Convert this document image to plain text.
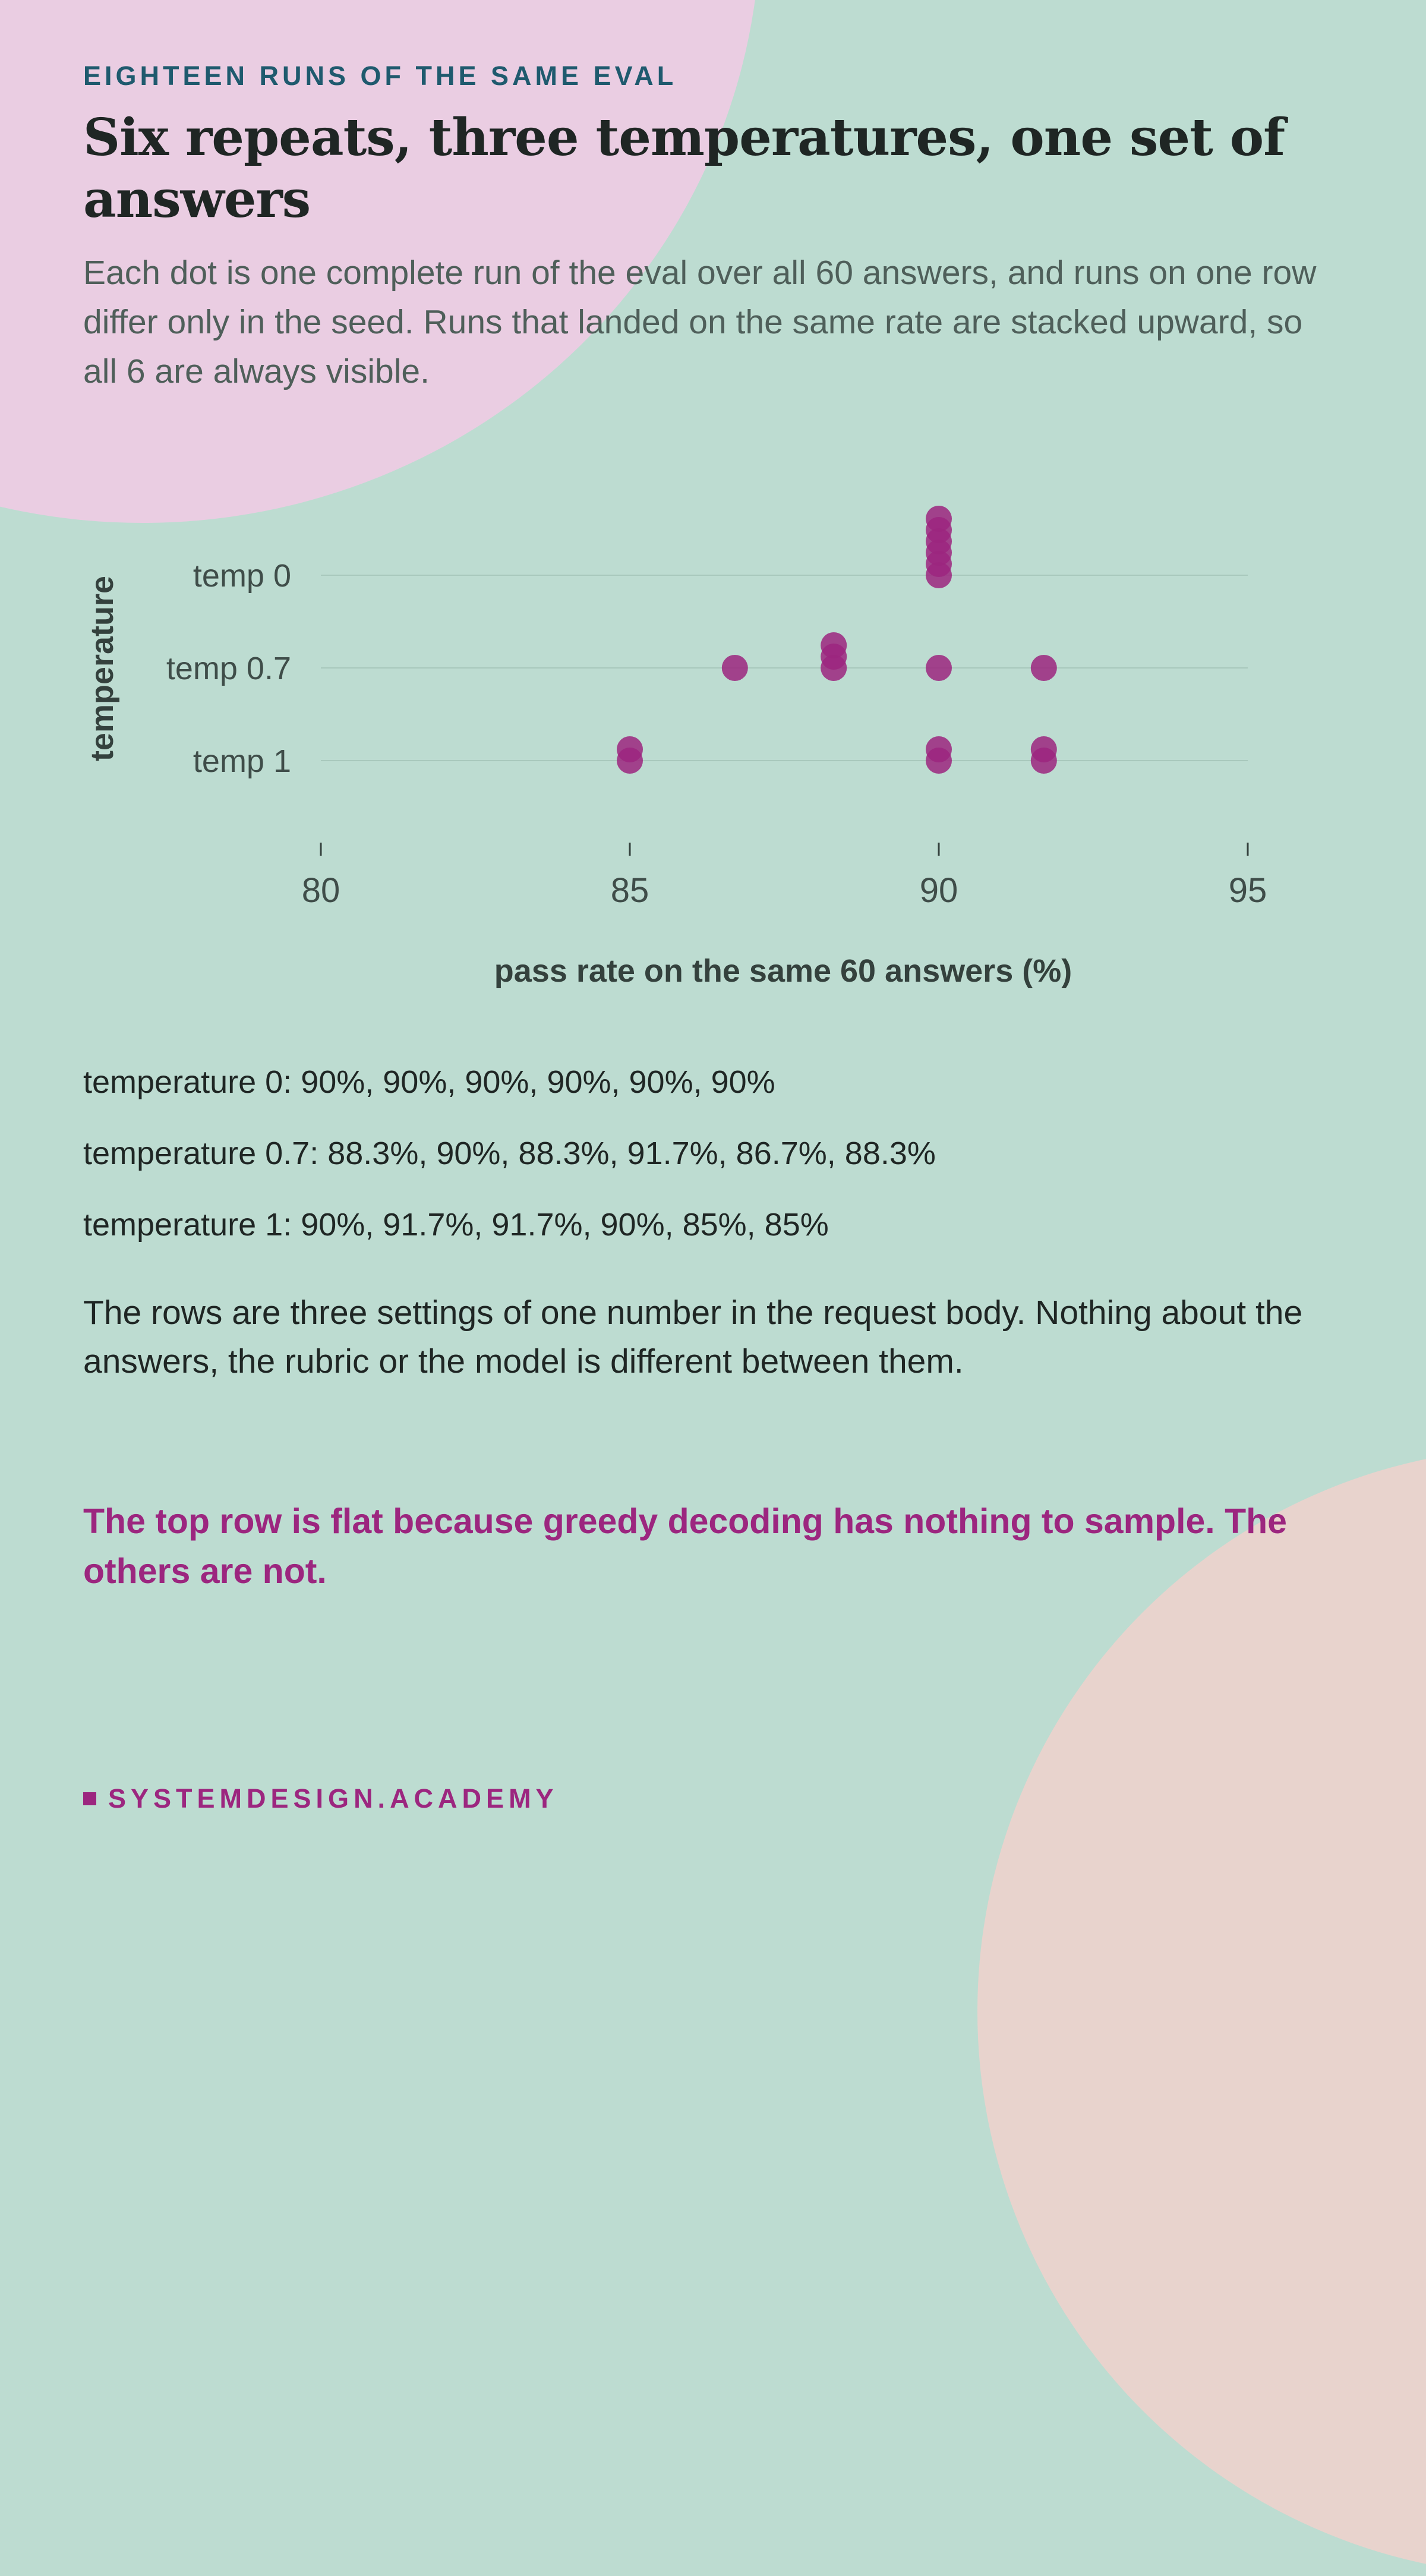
EIGHTEEN RUNS OF THE SAME EVAL
Six repeats, three temperatures, one set of answers

Each dot is one complete run of the eval over all 60 answers, and runs on one row differ only in the seed. Runs that landed on the same rate are stacked upward, so all 6 are always visible.

temp 0
temp 0.7
temp 1
80	85	90	95
temperature
pass rate on the same 60 answers (%)
temperature 0: 90%, 90%, 90%, 90%, 90%, 90%
temperature 0.7: 88.3%, 90%, 88.3%, 91.7%, 86.7%, 88.3%
temperature 1: 90%, 91.7%, 91.7%, 90%, 85%, 85%

The rows are three settings of one number in the request body. Nothing about the answers, the rubric or the model is different between them.

The top row is flat because greedy decoding has nothing to sample. The others are not.

SYSTEMDESIGN.ACADEMY
